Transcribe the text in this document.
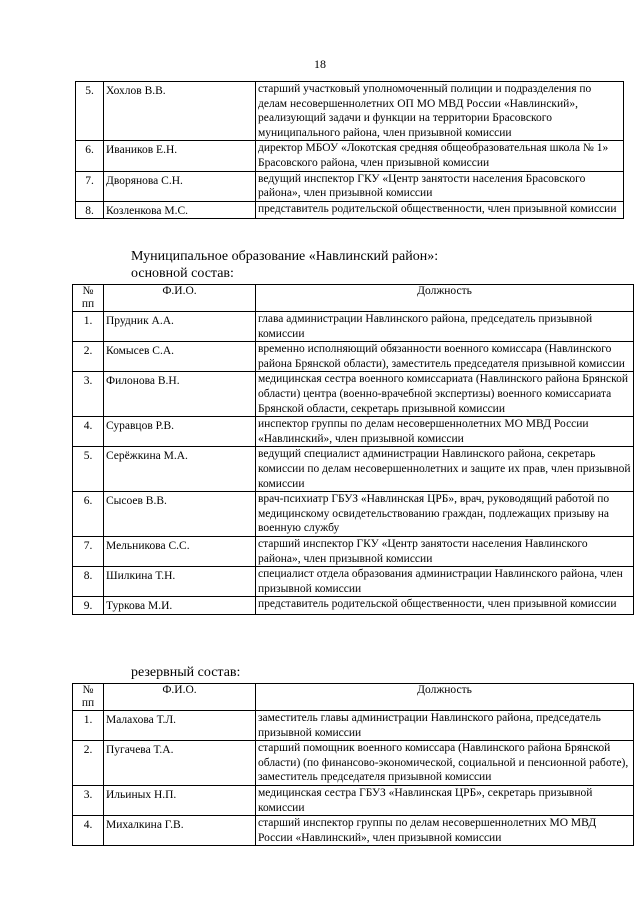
18
5.	Хохлов В.В.	старший участковый уполномоченный полиции и подразделения по делам несовершеннолетних ОП МО МВД России «Навлинский», реализующий задачи и функции на территории Брасовского муниципального района, член призывной комиссии
6.	Иваников Е.Н.	директор МБОУ «Локотская средняя общеобразовательная школа № 1» Брасовского района, член призывной комиссии
7.	Дворянова С.Н.	ведущий инспектор ГКУ «Центр занятости населения Брасовского района», член призывной комиссии
8.	Козленкова М.С.	представитель родительской общественности, член призывной комиссии
Муниципальное образование «Навлинский район»:
основной состав:
№ пп	Ф.И.О.	Должность
1.	Прудник А.А.	глава администрации Навлинского района, председатель призывной комиссии
2.	Комысев С.А.	временно исполняющий обязанности военного комиссара (Навлинского района Брянской области), заместитель председателя призывной комиссии
3.	Филонова В.Н.	медицинская сестра военного комиссариата (Навлинского района Брянской области) центра (военно-врачебной экспертизы) военного комиссариата Брянской области, секретарь призывной комиссии
4.	Суравцов Р.В.	инспектор группы по делам несовершеннолетних МО МВД России «Навлинский», член призывной комиссии
5.	Серёжкина М.А.	ведущий специалист администрации Навлинского района, секретарь комиссии по делам несовершеннолетних и защите их прав, член призывной комиссии
6.	Сысоев В.В.	врач-психиатр ГБУЗ «Навлинская ЦРБ», врач, руководящий работой по медицинскому освидетельствованию граждан, подлежащих призыву на военную службу
7.	Мельникова С.С.	старший инспектор ГКУ «Центр занятости населения Навлинского района», член призывной комиссии
8.	Шилкина Т.Н.	специалист отдела образования администрации Навлинского района, член призывной комиссии
9.	Туркова М.И.	представитель родительской общественности, член призывной комиссии
резервный состав:
№ пп	Ф.И.О.	Должность
1.	Малахова Т.Л.	заместитель главы администрации Навлинского района, председатель призывной комиссии
2.	Пугачева Т.А.	старший помощник военного комиссара (Навлинского района Брянской области) (по финансово-экономической, социальной и пенсионной работе), заместитель председателя призывной комиссии
3.	Ильиных Н.П.	медицинская сестра ГБУЗ «Навлинская ЦРБ», секретарь призывной комиссии
4.	Михалкина Г.В.	старший инспектор группы по делам несовершеннолетних МО МВД России «Навлинский», член призывной комиссии
